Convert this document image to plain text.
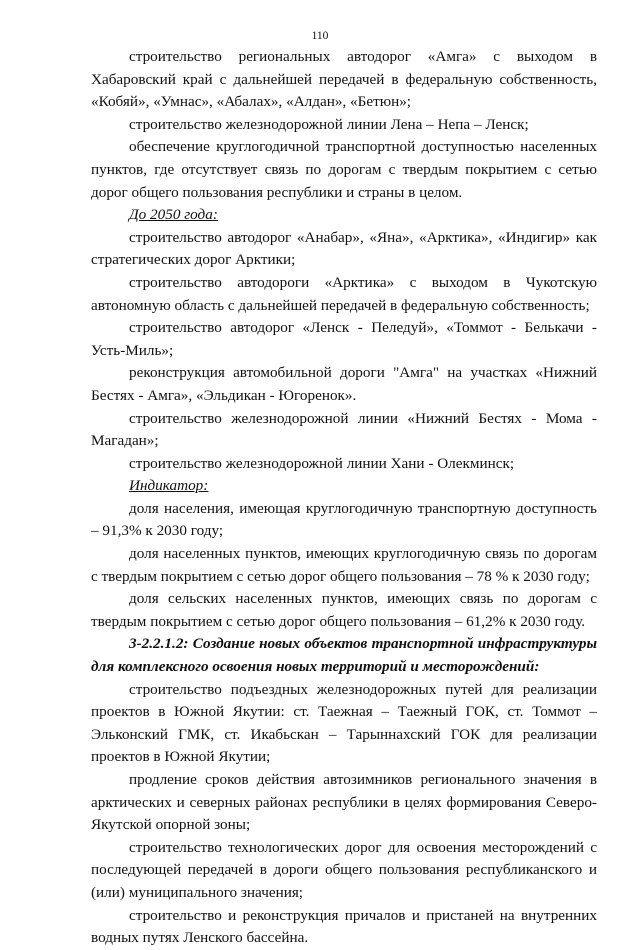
110

строительство региональных автодорог «Амга» с выходом в Хабаровский край с дальнейшей передачей в федеральную собственность, «Кобяй», «Умнас», «Абалах», «Алдан», «Бетюн»;

строительство железнодорожной линии Лена – Непа – Ленск;

обеспечение круглогодичной транспортной доступностью населенных пунктов, где отсутствует связь по дорогам с твердым покрытием с сетью дорог общего пользования республики и страны в целом.

До 2050 года:

строительство автодорог «Анабар», «Яна», «Арктика», «Индигир» как стратегических дорог Арктики;

строительство автодороги «Арктика» с выходом в Чукотскую автономную область с дальнейшей передачей в федеральную собственность;

строительство автодорог «Ленск - Пеледуй», «Томмот - Белькачи - Усть-Миль»;

реконструкция автомобильной дороги "Амга" на участках «Нижний Бестях - Амга», «Эльдикан - Югоренок».

строительство железнодорожной линии «Нижний Бестях - Мома - Магадан»;

строительство железнодорожной линии Хани - Олекминск;

Индикатор:

доля населения, имеющая круглогодичную транспортную доступность – 91,3% к 2030 году;

доля населенных пунктов, имеющих круглогодичную связь по дорогам с твердым покрытием с сетью дорог общего пользования – 78 % к 2030 году;

доля сельских населенных пунктов, имеющих связь по дорогам с твердым покрытием с сетью дорог общего пользования – 61,2% к 2030 году.

3-2.2.1.2: Создание новых объектов транспортной инфраструктуры для комплексного освоения новых территорий и месторождений:

строительство подъездных железнодорожных путей для реализации проектов в Южной Якутии: ст. Таежная – Таежный ГОК, ст. Томмот – Эльконский ГМК, ст. Икабьскан – Тарыннахский ГОК для реализации проектов в Южной Якутии;

продление сроков действия автозимников регионального значения в арктических и северных районах республики в целях формирования Северо-Якутской опорной зоны;

строительство технологических дорог для освоения месторождений с последующей передачей в дороги общего пользования республиканского и (или) муниципального значения;

строительство и реконструкция причалов и пристаней на внутренних водных путях Ленского бассейна.
